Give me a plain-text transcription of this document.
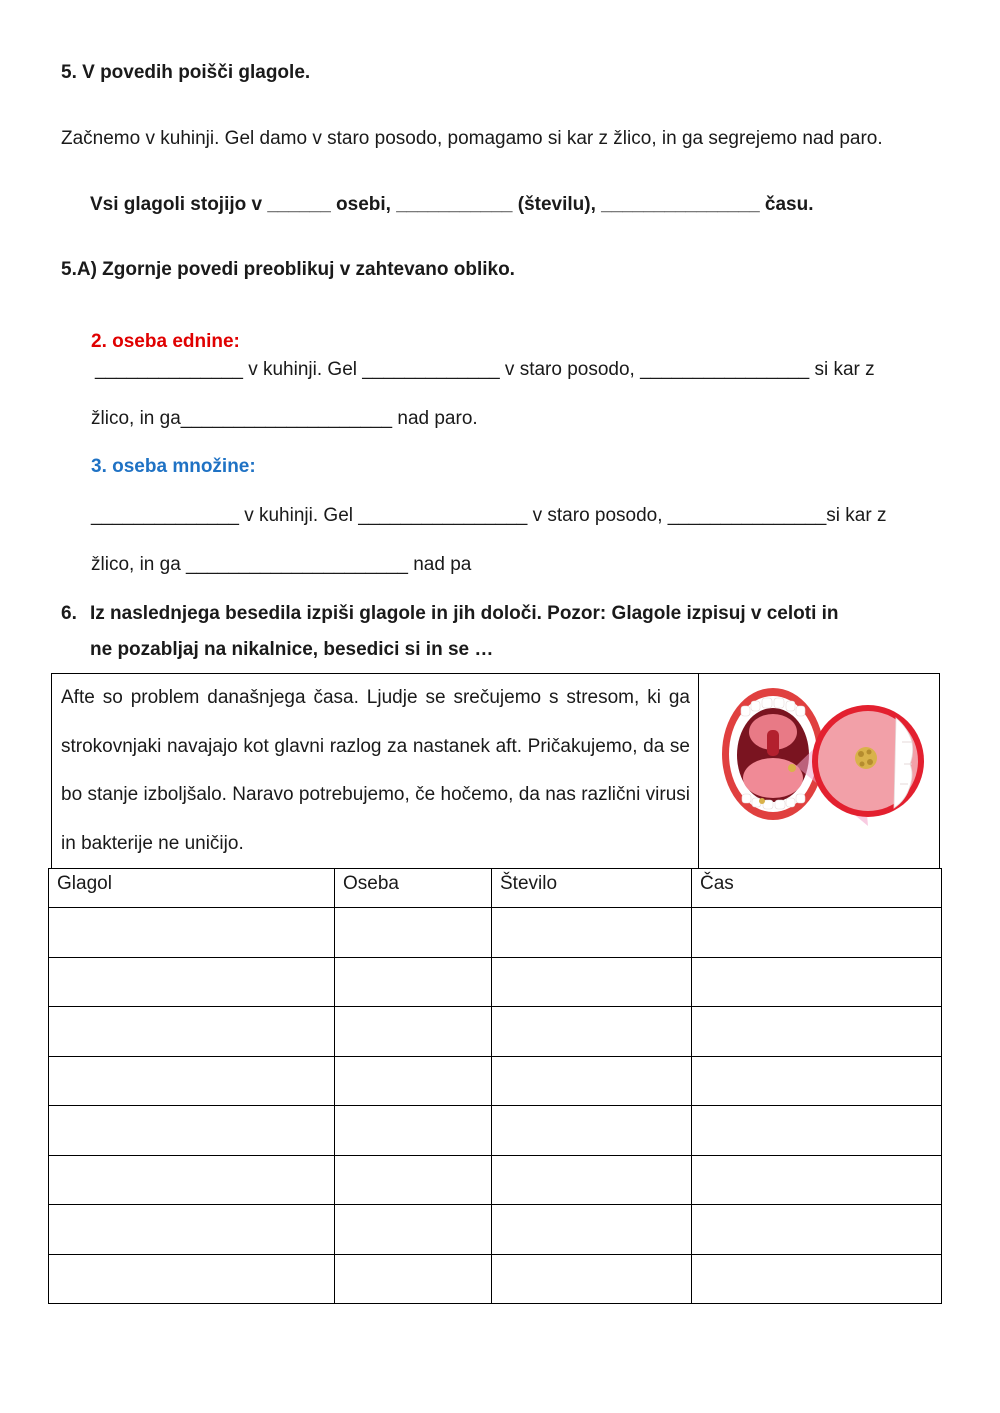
5. V povedih poišči glagole.
Začnemo v kuhinji. Gel damo v staro posodo, pomagamo si kar z žlico, in ga segrejemo nad paro.
Vsi glagoli stojijo v ______ osebi, ___________ (številu), _______________ času.
5.A) Zgornje povedi preoblikuj v zahtevano obliko.
2. oseba ednine:
______________ v kuhinji. Gel _____________ v staro posodo, ________________ si kar z
žlico, in ga____________________ nad paro.
3. oseba množine:
______________ v kuhinji. Gel ________________ v staro posodo, _______________si kar z
žlico, in ga _____________________ nad pa
6. Iz naslednjega besedila izpiši glagole in jih določi. Pozor: Glagole izpisuj v celoti in
ne pozabljaj na nikalnice, besedici si in se …

Afte so problem današnjega časa. Ljudje se srečujemo s stresom, ki ga strokovnjaki navajajo kot glavni razlog za nastanek aft. Pričakujemo, da se bo stanje izboljšalo. Naravo potrebujemo, če hočemo, da nas različni virusi in bakterije ne uničijo.

Glagol	Oseba	Število	Čas
